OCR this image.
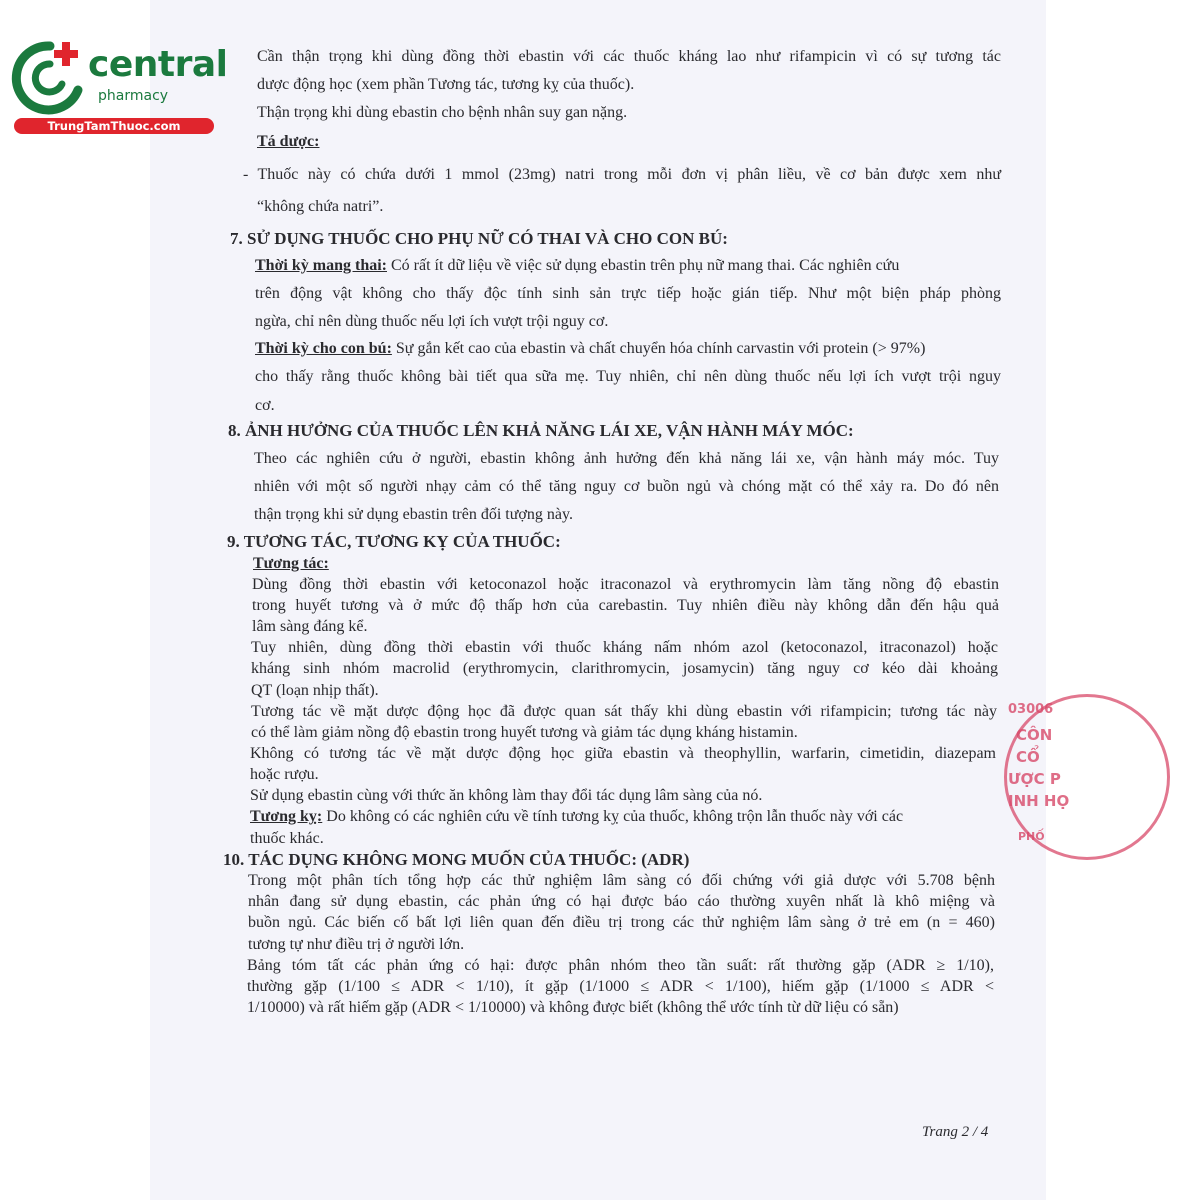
central
pharmacy
TrungTamThuoc.com
Cần thận trọng khi dùng đồng thời ebastin với các thuốc kháng lao như rifampicin vì có sự tương tác
dược động học (xem phần Tương tác, tương kỵ của thuốc).
Thận trọng khi dùng ebastin cho bệnh nhân suy gan nặng.
Tá dược:
- Thuốc này có chứa dưới 1 mmol (23mg) natri trong mỗi đơn vị phân liều, về cơ bản được xem như
“không chứa natri”.
7. SỬ DỤNG THUỐC CHO PHỤ NỮ CÓ THAI VÀ CHO CON BÚ:
Thời kỳ mang thai: Có rất ít dữ liệu về việc sử dụng ebastin trên phụ nữ mang thai. Các nghiên cứu
trên động vật không cho thấy độc tính sinh sản trực tiếp hoặc gián tiếp. Như một biện pháp phòng
ngừa, chỉ nên dùng thuốc nếu lợi ích vượt trội nguy cơ.
Thời kỳ cho con bú: Sự gắn kết cao của ebastin và chất chuyển hóa chính carvastin với protein (> 97%)
cho thấy rằng thuốc không bài tiết qua sữa mẹ. Tuy nhiên, chỉ nên dùng thuốc nếu lợi ích vượt trội nguy
cơ.
8. ẢNH HƯỞNG CỦA THUỐC LÊN KHẢ NĂNG LÁI XE, VẬN HÀNH MÁY MÓC:
Theo các nghiên cứu ở người, ebastin không ảnh hưởng đến khả năng lái xe, vận hành máy móc. Tuy
nhiên với một số người nhạy cảm có thể tăng nguy cơ buồn ngủ và chóng mặt có thể xảy ra. Do đó nên
thận trọng khi sử dụng ebastin trên đối tượng này.
9. TƯƠNG TÁC, TƯƠNG KỴ CỦA THUỐC:
Tương tác:
Dùng đồng thời ebastin với ketoconazol hoặc itraconazol và erythromycin làm tăng nồng độ ebastin
trong huyết tương và ở mức độ thấp hơn của carebastin. Tuy nhiên điều này không dẫn đến hậu quả
lâm sàng đáng kể.
Tuy nhiên, dùng đồng thời ebastin với thuốc kháng nấm nhóm azol (ketoconazol, itraconazol) hoặc
kháng sinh nhóm macrolid (erythromycin, clarithromycin, josamycin) tăng nguy cơ kéo dài khoảng
QT (loạn nhịp thất).
Tương tác về mặt dược động học đã được quan sát thấy khi dùng ebastin với rifampicin; tương tác này
có thể làm giảm nồng độ ebastin trong huyết tương và giảm tác dụng kháng histamin.
Không có tương tác về mặt dược động học giữa ebastin và theophyllin, warfarin, cimetidin, diazepam
hoặc rượu.
Sử dụng ebastin cùng với thức ăn không làm thay đổi tác dụng lâm sàng của nó.
Tương kỵ: Do không có các nghiên cứu về tính tương kỵ của thuốc, không trộn lẫn thuốc này với các
thuốc khác.
10. TÁC DỤNG KHÔNG MONG MUỐN CỦA THUỐC: (ADR)
Trong một phân tích tổng hợp các thử nghiệm lâm sàng có đối chứng với giả dược với 5.708 bệnh
nhân đang sử dụng ebastin, các phản ứng có hại được báo cáo thường xuyên nhất là khô miệng và
buồn ngủ. Các biến cố bất lợi liên quan đến điều trị trong các thử nghiệm lâm sàng ở trẻ em (n = 460)
tương tự như điều trị ở người lớn.
Bảng tóm tất các phản ứng có hại: được phân nhóm theo tần suất: rất thường gặp (ADR ≥ 1/10),
thường gặp (1/100 ≤ ADR < 1/10), ít gặp (1/1000 ≤ ADR < 1/100), hiếm gặp (1/1000 ≤ ADR <
1/10000) và rất hiếm gặp (ADR < 1/10000) và không được biết (không thể ước tính từ dữ liệu có sẵn)
03006
CÔN
CỔ
ƯỢC P
INH HỌ
PHỐ
Trang 2 / 4
